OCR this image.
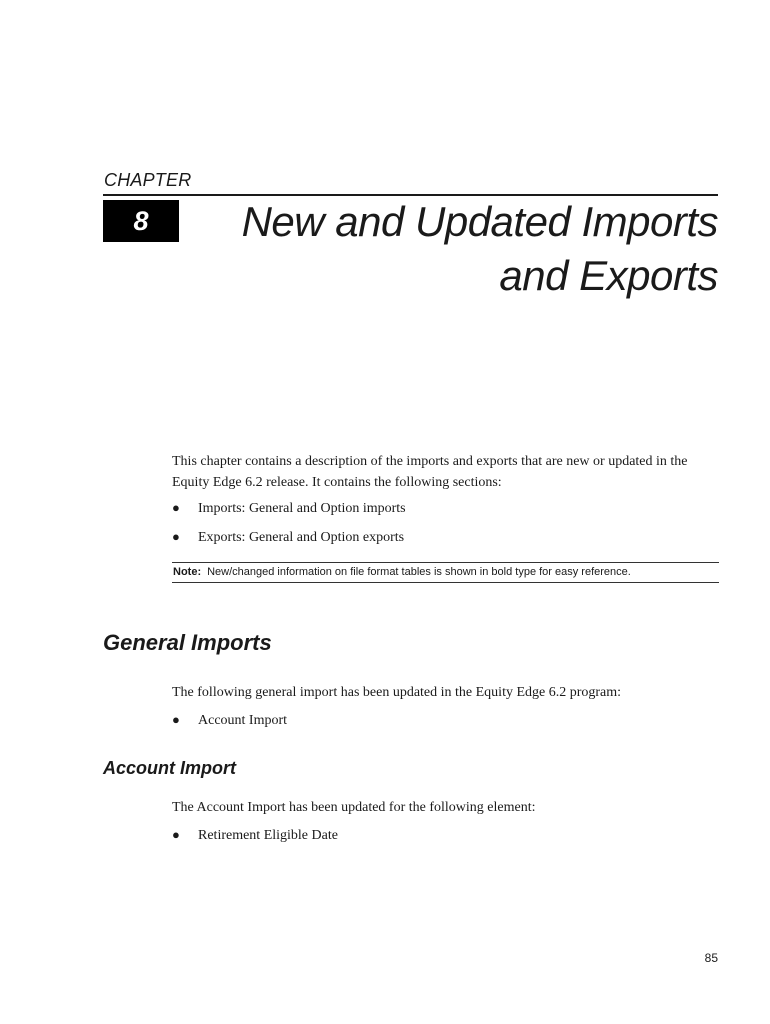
CHAPTER
8	New and Updated Imports
and Exports
This chapter contains a description of the imports and exports that are new or updated in the Equity Edge 6.2 release. It contains the following sections:
● Imports: General and Option imports
● Exports: General and Option exports
Note: New/changed information on file format tables is shown in bold type for easy reference.
General Imports
The following general import has been updated in the Equity Edge 6.2 program:
● Account Import
Account Import
The Account Import has been updated for the following element:
● Retirement Eligible Date
85
